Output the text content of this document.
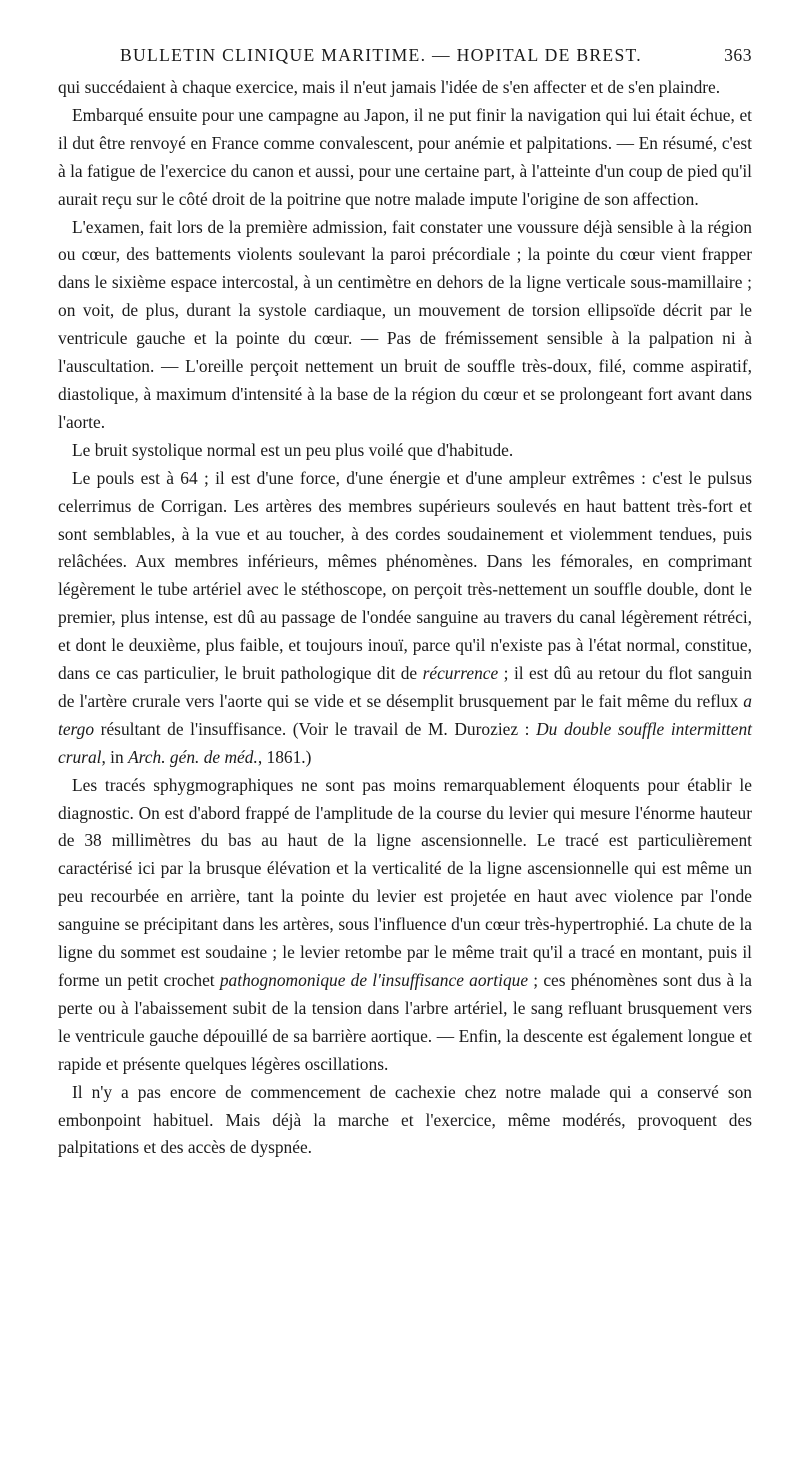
BULLETIN CLINIQUE MARITIME. — HOPITAL DE BREST.	363

qui succédaient à chaque exercice, mais il n'eut jamais l'idée de s'en affecter et de s'en plaindre.

Embarqué ensuite pour une campagne au Japon, il ne put finir la navigation qui lui était échue, et il dut être renvoyé en France comme convalescent, pour anémie et palpitations. — En résumé, c'est à la fatigue de l'exercice du canon et aussi, pour une certaine part, à l'atteinte d'un coup de pied qu'il aurait reçu sur le côté droit de la poitrine que notre malade impute l'origine de son affection.

L'examen, fait lors de la première admission, fait constater une voussure déjà sensible à la région ou cœur, des battements violents soulevant la paroi précordiale ; la pointe du cœur vient frapper dans le sixième espace intercostal, à un centimètre en dehors de la ligne verticale sous-mamillaire ; on voit, de plus, durant la systole cardiaque, un mouvement de torsion ellipsoïde décrit par le ventricule gauche et la pointe du cœur. — Pas de frémissement sensible à la palpation ni à l'auscultation. — L'oreille perçoit nettement un bruit de souffle très-doux, filé, comme aspiratif, diastolique, à maximum d'intensité à la base de la région du cœur et se prolongeant fort avant dans l'aorte.

Le bruit systolique normal est un peu plus voilé que d'habitude.

Le pouls est à 64 ; il est d'une force, d'une énergie et d'une ampleur extrêmes : c'est le pulsus celerrimus de Corrigan. Les artères des membres supérieurs soulevés en haut battent très-fort et sont semblables, à la vue et au toucher, à des cordes soudainement et violemment tendues, puis relâchées. Aux membres inférieurs, mêmes phénomènes. Dans les fémorales, en comprimant légèrement le tube artériel avec le stéthoscope, on perçoit très-nettement un souffle double, dont le premier, plus intense, est dû au passage de l'ondée sanguine au travers du canal légèrement rétréci, et dont le deuxième, plus faible, et toujours inouï, parce qu'il n'existe pas à l'état normal, constitue, dans ce cas particulier, le bruit pathologique dit de récurrence ; il est dû au retour du flot sanguin de l'artère crurale vers l'aorte qui se vide et se désemplit brusquement par le fait même du reflux a tergo résultant de l'insuffisance. (Voir le travail de M. Duroziez : Du double souffle intermittent crural, in Arch. gén. de méd., 1861.)

Les tracés sphygmographiques ne sont pas moins remarquablement éloquents pour établir le diagnostic. On est d'abord frappé de l'amplitude de la course du levier qui mesure l'énorme hauteur de 38 millimètres du bas au haut de la ligne ascensionnelle. Le tracé est particulièrement caractérisé ici par la brusque élévation et la verticalité de la ligne ascensionnelle qui est même un peu recourbée en arrière, tant la pointe du levier est projetée en haut avec violence par l'onde sanguine se précipitant dans les artères, sous l'influence d'un cœur très-hypertrophié. La chute de la ligne du sommet est soudaine ; le levier retombe par le même trait qu'il a tracé en montant, puis il forme un petit crochet pathognomonique de l'insuffisance aortique ; ces phénomènes sont dus à la perte ou à l'abaissement subit de la tension dans l'arbre artériel, le sang refluant brusquement vers le ventricule gauche dépouillé de sa barrière aortique. — Enfin, la descente est également longue et rapide et présente quelques légères oscillations.

Il n'y a pas encore de commencement de cachexie chez notre malade qui a conservé son embonpoint habituel. Mais déjà la marche et l'exercice, même modérés, provoquent des palpitations et des accès de dyspnée.
